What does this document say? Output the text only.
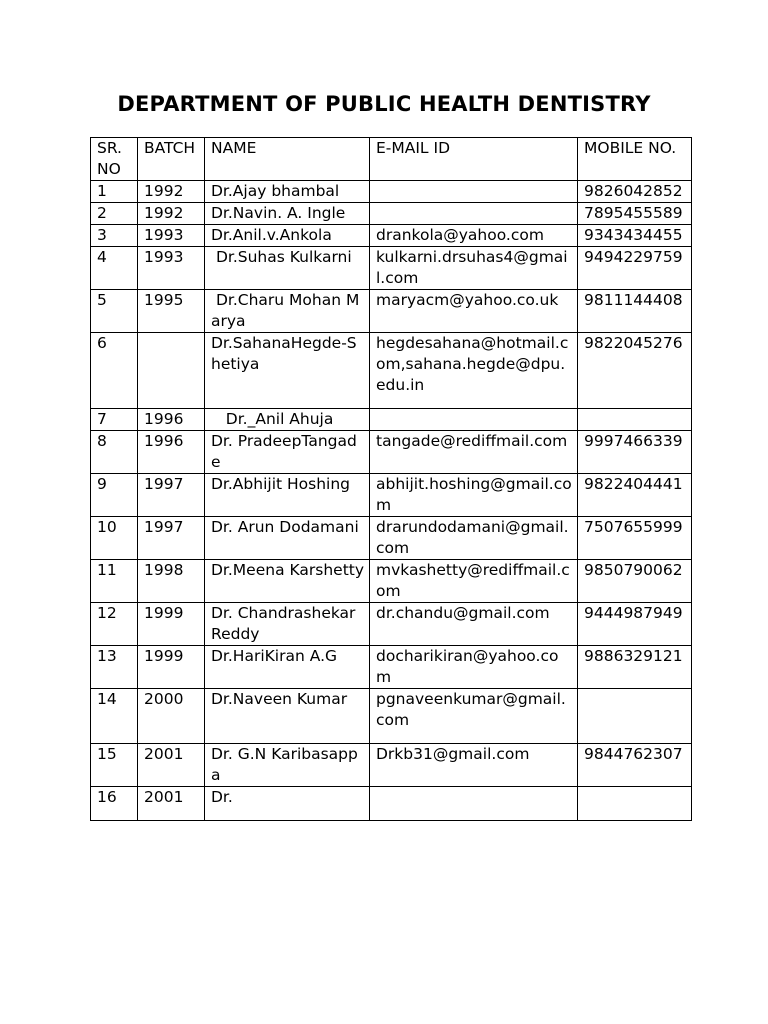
DEPARTMENT OF PUBLIC HEALTH DENTISTRY
SR. NO	BATCH	NAME	E-MAIL ID	MOBILE NO.
1	1992	Dr.Ajay bhambal		9826042852
2	1992	Dr.Navin. A. Ingle		7895455589
3	1993	Dr.Anil.v.Ankola	drankola@yahoo.com	9343434455
4	1993	Dr.Suhas Kulkarni	kulkarni.drsuhas4@gmail.com	9494229759
5	1995	Dr.Charu Mohan Marya	maryacm@yahoo.co.uk	9811144408
6		Dr.SahanaHegde-Shetiya	hegdesahana@hotmail.com,sahana.hegde@dpu.edu.in	9822045276
7	1996	Dr._Anil Ahuja		
8	1996	Dr. PradeepTangade	tangade@rediffmail.com	9997466339
9	1997	Dr.Abhijit Hoshing	abhijit.hoshing@gmail.com	9822404441
10	1997	Dr. Arun Dodamani	drarundodamani@gmail.com	7507655999
11	1998	Dr.Meena Karshetty	mvkashetty@rediffmail.com	9850790062
12	1999	Dr. Chandrashekar Reddy	dr.chandu@gmail.com	9444987949
13	1999	Dr.HariKiran A.G	docharikiran@yahoo.com	9886329121
14	2000	Dr.Naveen Kumar	pgnaveenkumar@gmail.com	
15	2001	Dr. G.N Karibasappa	Drkb31@gmail.com	9844762307
16	2001	Dr.		
